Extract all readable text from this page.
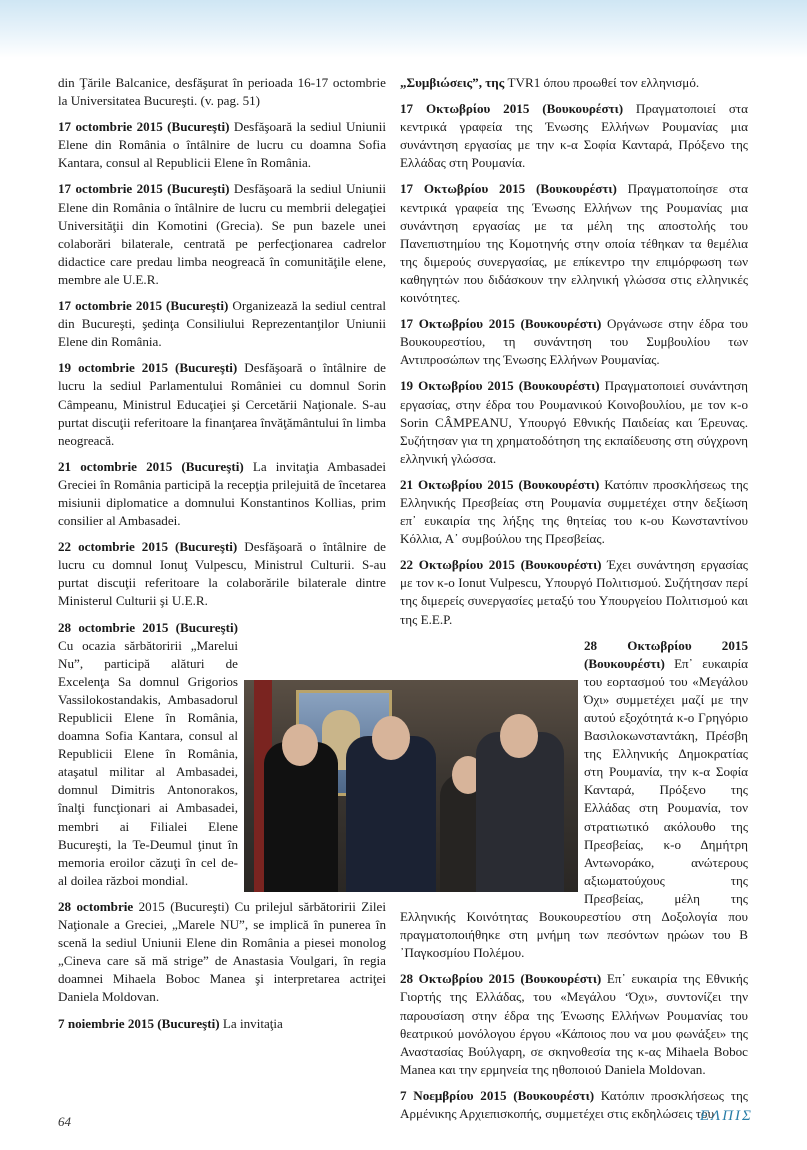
din Ţările Balcanice, desfăşurat în perioada 16-17 octombrie la Universitatea Bucureşti. (v. pag. 51)

17 octombrie 2015 (Bucureşti) Desfăşoară la sediul Uniunii Elene din România o întâlnire de lucru cu doamna Sofia Kantara, consul al Republicii Elene în România.

17 octombrie 2015 (Bucureşti) Desfăşoară la sediul Uniunii Elene din România o întâlnire de lucru cu membrii delegaţiei Universităţii din Komotini (Grecia). Se pun bazele unei colaborări bilaterale, centrată pe perfecţionarea cadrelor didactice care predau limba neogreacă în comunităţile elene, membre ale U.E.R.

17 octombrie 2015 (Bucureşti) Organizează la sediul central din Bucureşti, şedinţa Consiliului Reprezentanţilor Uniunii Elene din România.

19 octombrie 2015 (Bucureşti) Desfăşoară o întâlnire de lucru la sediul Parlamentului României cu domnul Sorin Câmpeanu, Ministrul Educaţiei şi Cercetării Naţionale. S-au purtat discuţii referitoare la finanţarea învăţământului în limba neogreacă.

21 octombrie 2015 (Bucureşti) La invitaţia Ambasadei Greciei în România participă la recepţia prilejuită de încetarea misiunii diplomatice a domnului Konstantinos Kollias, prim consilier al Ambasadei.

22 octombrie 2015 (Bucureşti) Desfăşoară o întâlnire de lucru cu domnul Ionuţ Vulpescu, Ministrul Culturii. S-au purtat discuţii referitoare la colaborările bilaterale dintre Ministerul Culturii şi U.E.R.

28 octombrie 2015 (Bucureşti) Cu ocazia sărbătoririi „Marelui Nu”, participă alături de Excelenţa Sa domnul Grigorios Vassilokostandakis, Ambasadorul Republicii Elene în România, doamna Sofia Kantara, consul al Republicii Elene în România, ataşatul militar al Ambasadei, domnul Dimitris Antonorakos, înalţi funcţionari ai Ambasadei, membri ai Filialei Elene Bucureşti, la Te-Deumul ţinut în memoria eroilor căzuţi în cel de-al doilea război mondial.

28 octombrie 2015 (Bucureşti) Cu prilejul sărbătoririi Zilei Naţionale a Greciei, „Marele NU”, se implică în punerea în scenă la sediul Uniunii Elene din România a piesei monolog „Cineva care să mă strige” de Anastasia Voulgari, în regia doamnei Mihaela Boboc Manea şi interpretarea actriţei Daniela Moldovan.

7 noiembrie 2015 (Bucureşti) La invitaţia

„Συμβιώσεις”, της TVR1 όπου προωθεί τον ελληνισμό.

17 Οκτωβρίου 2015 (Βουκουρέστι) Πραγματοποιεί στα κεντρικά γραφεία της Ένωσης Ελλήνων Ρουμανίας μια συνάντηση εργασίας με την κ-α Σοφία Κανταρά, Πρόξενο της Ελλάδας στη Ρουμανία.

17 Οκτωβρίου 2015 (Βουκουρέστι) Πραγματοποίησε στα κεντρικά γραφεία της Ένωσης Ελλήνων της Ρουμανίας μια συνάντηση εργασίας με τα μέλη της αποστολής του Πανεπιστημίου της Κομοτηνής στην οποία τέθηκαν τα θεμέλια της διμερούς συνεργασίας, με επίκεντρο την επιμόρφωση των καθηγητών που διδάσκουν την ελληνική γλώσσα στις ελληνικές κοινότητες.

17 Οκτωβρίου 2015 (Βουκουρέστι) Οργάνωσε στην έδρα του Βουκουρεστίου, τη συνάντηση του Συμβουλίου των Αντιπροσώπων της Ένωσης Ελλήνων Ρουμανίας.

19 Οκτωβρίου 2015 (Βουκουρέστι) Πραγματοποιεί συνάντηση εργασίας, στην έδρα του Ρουμανικού Κοινοβουλίου, με τον κ-ο Sorin CÂMPEANU, Υπουργό Εθνικής Παιδείας και Έρευνας. Συζήτησαν για τη χρηματοδότηση της εκπαίδευσης στη σύγχρονη ελληνική γλώσσα.

21 Οκτωβρίου 2015 (Βουκουρέστι) Κατόπιν προσκλήσεως της Ελληνικής Πρεσβείας στη Ρουμανία συμμετέχει στην δεξίωση επ᾽ ευκαιρία της λήξης της θητείας του κ-ου Κωνσταντίνου Κόλλια, Α᾽ συμβούλου της Πρεσβείας.

22 Οκτωβρίου 2015 (Βουκουρέστι) Έχει συνάντηση εργασίας με τον κ-ο Ionut Vulpescu, Υπουργό Πολιτισμού. Συζήτησαν περί της διμερείς συνεργασίες μεταξύ του Υπουργείου Πολιτισμού και της Ε.Ε.Ρ.

28 Οκτωβρίου 2015 (Βουκουρέστι) Επ᾽ ευκαιρία του εορτασμού του «Μεγάλου Όχι» συμμετέχει μαζί με την αυτού εξοχότητά κ-ο Γρηγόριο Βασιλοκωνσταντάκη, Πρέσβη της Ελληνικής Δημοκρατίας στη Ρουμανία, την κ-α Σοφία Κανταρά, Πρόξενο της Ελλάδας στη Ρουμανία, τον στρατιωτικό ακόλουθο της Πρεσβείας, κ-ο Δημήτρη Αντωνοράκο, ανώτερους αξιωματούχους της Πρεσβείας, μέλη της Ελληνικής Κοινότητας Βουκουρεστίου στη Δοξολογία που πραγματοποιήθηκε στη μνήμη των πεσόντων ηρώων του Β ᾽Παγκοσμίου Πολέμου.

28 Οκτωβρίου 2015 (Βουκουρέστι) Επ᾽ ευκαιρία της Εθνικής Γιορτής της Ελλάδας, του «Μεγάλου ‘Όχι», συντονίζει την παρουσίαση στην έδρα της Ένωσης Ελλήνων Ρουμανίας του θεατρικού μονόλογου έργου «Κάποιος που να μου φωνάξει» της Αναστασίας Βούλγαρη, σε σκηνοθεσία της κ-ας Mihaela Boboc Manea και την ερμηνεία της ηθοποιού Daniela Moldovan.

7 Νοεμβρίου 2015 (Βουκουρέστι) Κατόπιν προσκλήσεως της Αρμένικης Αρχιεπισκοπής, συμμετέχει στις εκδηλώσεις του

64	ΕΛΠΙΣ
